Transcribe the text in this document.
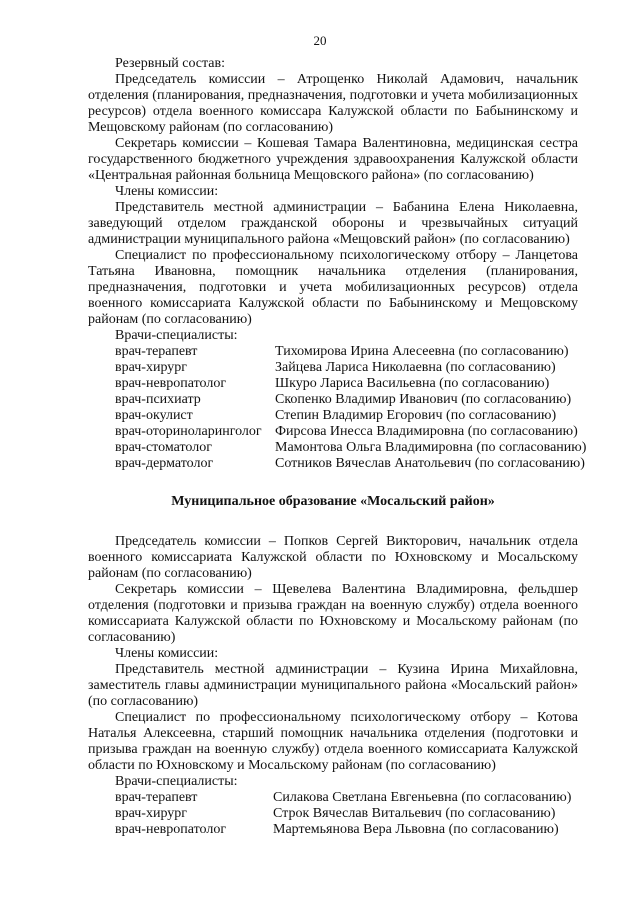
20

Резервный состав:

Председатель комиссии – Атрощенко Николай Адамович, начальник отделения (планирования, предназначения, подготовки и учета мобилизационных ресурсов) отдела военного комиссара Калужской области по Бабынинскому и Мещовскому районам (по согласованию)

Секретарь комиссии – Кошевая Тамара Валентиновна, медицинская сестра государственного бюджетного учреждения здравоохранения Калужской области «Центральная районная больница Мещовского района» (по согласованию)

Члены комиссии:

Представитель местной администрации – Бабанина Елена Николаевна, заведующий отделом гражданской обороны и чрезвычайных ситуаций администрации муниципального района «Мещовский район» (по согласованию)

Специалист по профессиональному психологическому отбору – Ланцетова Татьяна Ивановна, помощник начальника отделения (планирования, предназначения, подготовки и учета мобилизационных ресурсов) отдела военного комиссариата Калужской области по Бабынинскому и Мещовскому районам (по согласованию)

Врачи-специалисты:

врач-терапевт	Тихомирова Ирина Алесеевна (по согласованию)
врач-хирург	Зайцева Лариса Николаевна (по согласованию)
врач-невропатолог	Шкуро Лариса Васильевна (по согласованию)
врач-психиатр	Скопенко Владимир Иванович (по согласованию)
врач-окулист	Степин Владимир Егорович (по согласованию)
врач-оториноларинголог Фирсова Инесса Владимировна (по согласованию)
врач-стоматолог	Мамонтова Ольга Владимировна (по согласованию)
врач-дерматолог	Сотников Вячеслав Анатольевич (по согласованию)

Муниципальное образование «Мосальский район»

Председатель комиссии – Попков Сергей Викторович, начальник отдела военного комиссариата Калужской области по Юхновскому и Мосальскому районам (по согласованию)

Секретарь комиссии – Щевелева Валентина Владимировна, фельдшер отделения (подготовки и призыва граждан на военную службу) отдела военного комиссариата Калужской области по Юхновскому и Мосальскому районам (по согласованию)

Члены комиссии:

Представитель местной администрации – Кузина Ирина Михайловна, заместитель главы администрации муниципального района «Мосальский район» (по согласованию)

Специалист по профессиональному психологическому отбору – Котова Наталья Алексеевна, старший помощник начальника отделения (подготовки и призыва граждан на военную службу) отдела военного комиссариата Калужской области по Юхновскому и Мосальскому районам (по согласованию)

Врачи-специалисты:

врач-терапевт	Силакова Светлана Евгеньевна (по согласованию)
врач-хирург	Строк Вячеслав Витальевич (по согласованию)
врач-невропатолог	Мартемьянова Вера Львовна (по согласованию)
